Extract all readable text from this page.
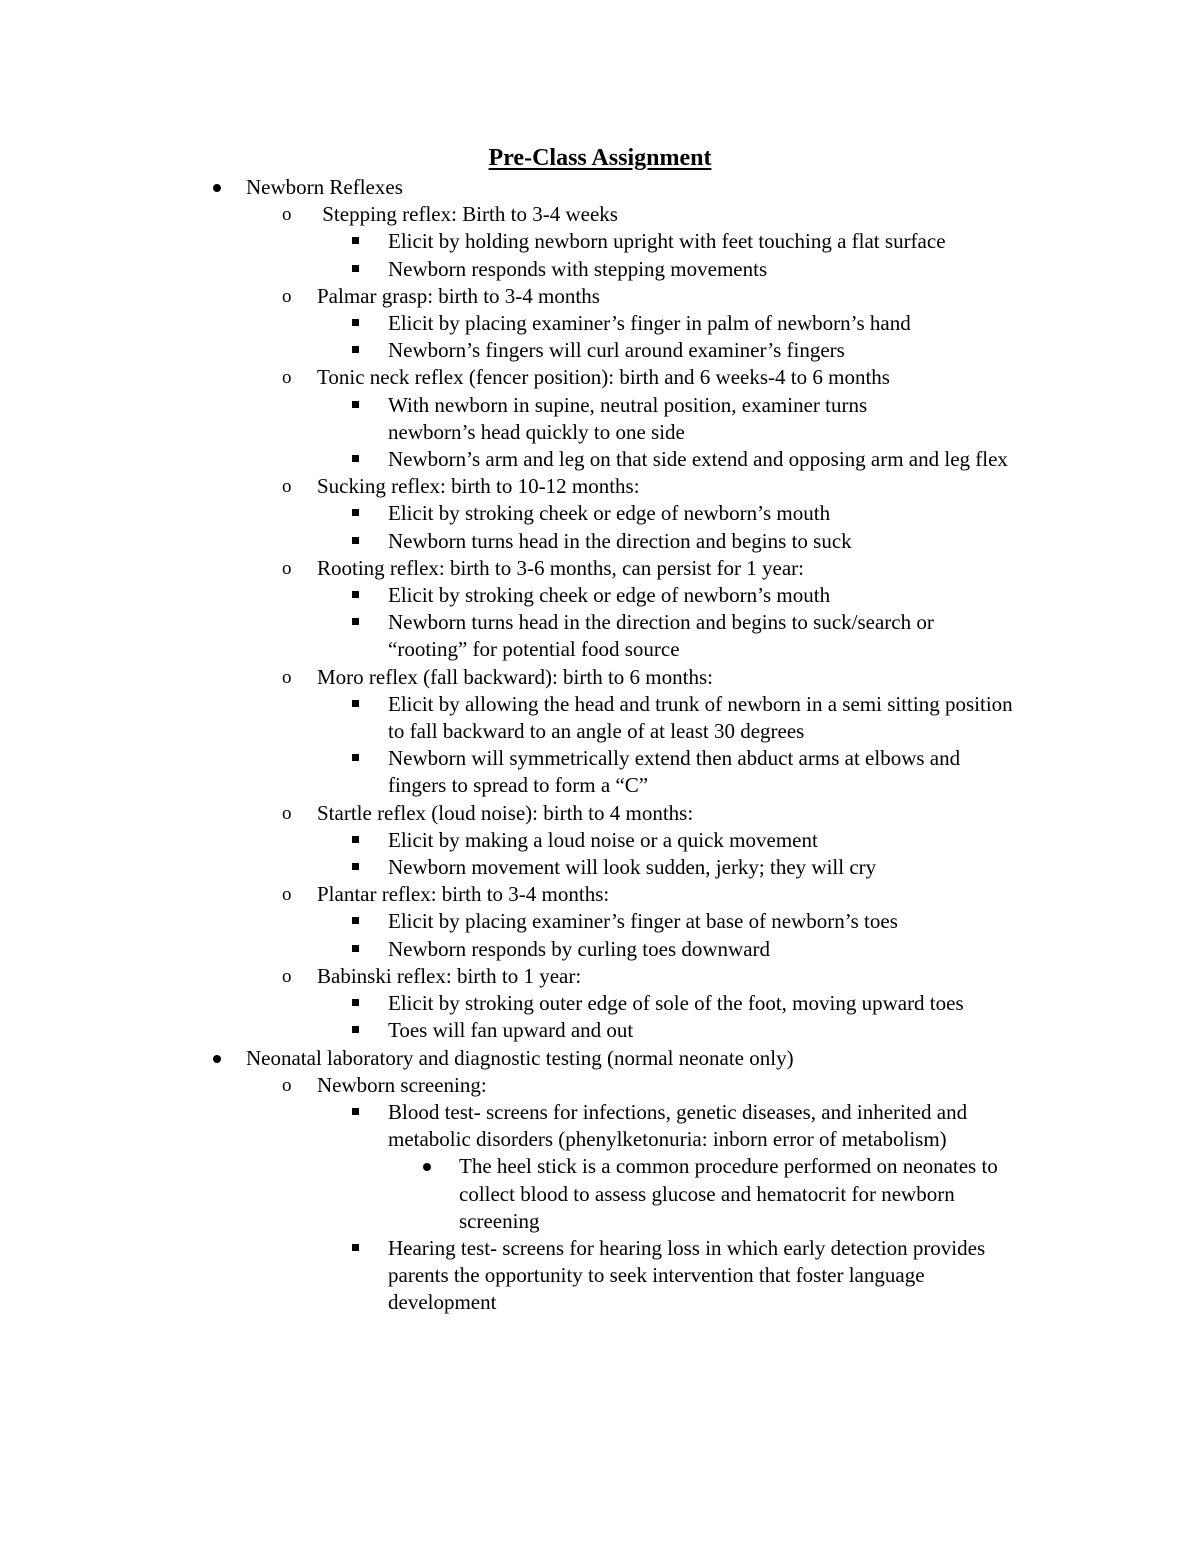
Pre-Class Assignment
Newborn Reflexes
o Stepping reflex: Birth to 3-4 weeks
Elicit by holding newborn upright with feet touching a flat surface
Newborn responds with stepping movements
o Palmar grasp: birth to 3-4 months
Elicit by placing examiner’s finger in palm of newborn’s hand
Newborn’s fingers will curl around examiner’s fingers
o Tonic neck reflex (fencer position): birth and 6 weeks-4 to 6 months
With newborn in supine, neutral position, examiner turns newborn’s head quickly to one side
Newborn’s arm and leg on that side extend and opposing arm and leg flex
o Sucking reflex: birth to 10-12 months:
Elicit by stroking cheek or edge of newborn’s mouth
Newborn turns head in the direction and begins to suck
o Rooting reflex: birth to 3-6 months, can persist for 1 year:
Elicit by stroking cheek or edge of newborn’s mouth
Newborn turns head in the direction and begins to suck/search or “rooting” for potential food source
o Moro reflex (fall backward): birth to 6 months:
Elicit by allowing the head and trunk of newborn in a semi sitting position to fall backward to an angle of at least 30 degrees
Newborn will symmetrically extend then abduct arms at elbows and fingers to spread to form a “C”
o Startle reflex (loud noise): birth to 4 months:
Elicit by making a loud noise or a quick movement
Newborn movement will look sudden, jerky; they will cry
o Plantar reflex: birth to 3-4 months:
Elicit by placing examiner’s finger at base of newborn’s toes
Newborn responds by curling toes downward
o Babinski reflex: birth to 1 year:
Elicit by stroking outer edge of sole of the foot, moving upward toes
Toes will fan upward and out
Neonatal laboratory and diagnostic testing (normal neonate only)
o Newborn screening:
Blood test- screens for infections, genetic diseases, and inherited and metabolic disorders (phenylketonuria: inborn error of metabolism)
The heel stick is a common procedure performed on neonates to collect blood to assess glucose and hematocrit for newborn screening
Hearing test- screens for hearing loss in which early detection provides parents the opportunity to seek intervention that foster language development
